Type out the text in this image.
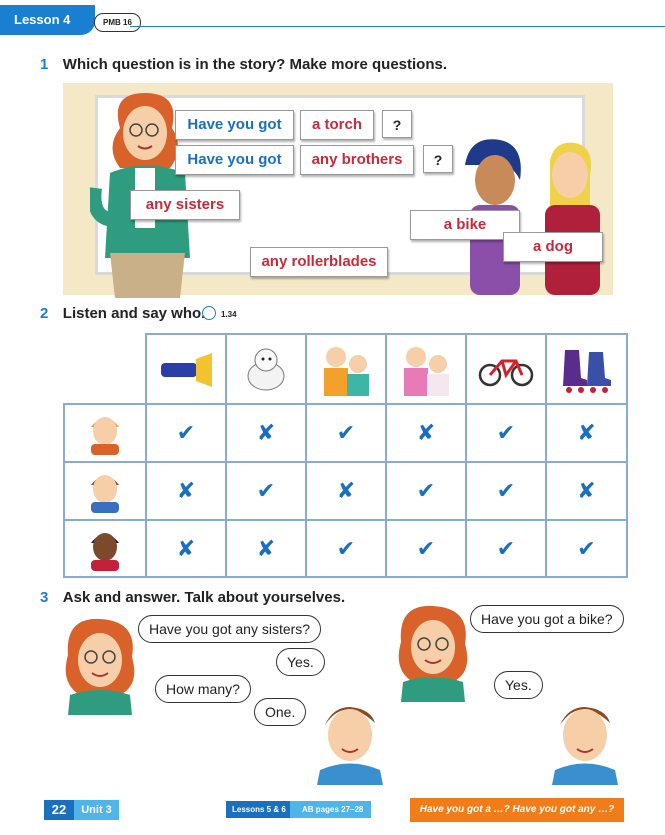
Lesson 4	PMB 16
1 Which question is in the story? Make more questions.
Have you got	a torch	?
Have you got	any brothers	?
any sisters
a bike
a dog
any rollerblades
2 Listen and say who. 1.34
✔	✘	✔	✘	✔	✘
✘	✔	✘	✔	✔	✘
✘	✘	✔	✔	✔	✔
3 Ask and answer. Talk about yourselves.
Have you got any sisters?
Yes.
How many?
One.
Have you got a bike?
Yes.
22	Unit 3	Lessons 5 & 6	AB pages 27–28	Have you got a …? Have you got any …?
